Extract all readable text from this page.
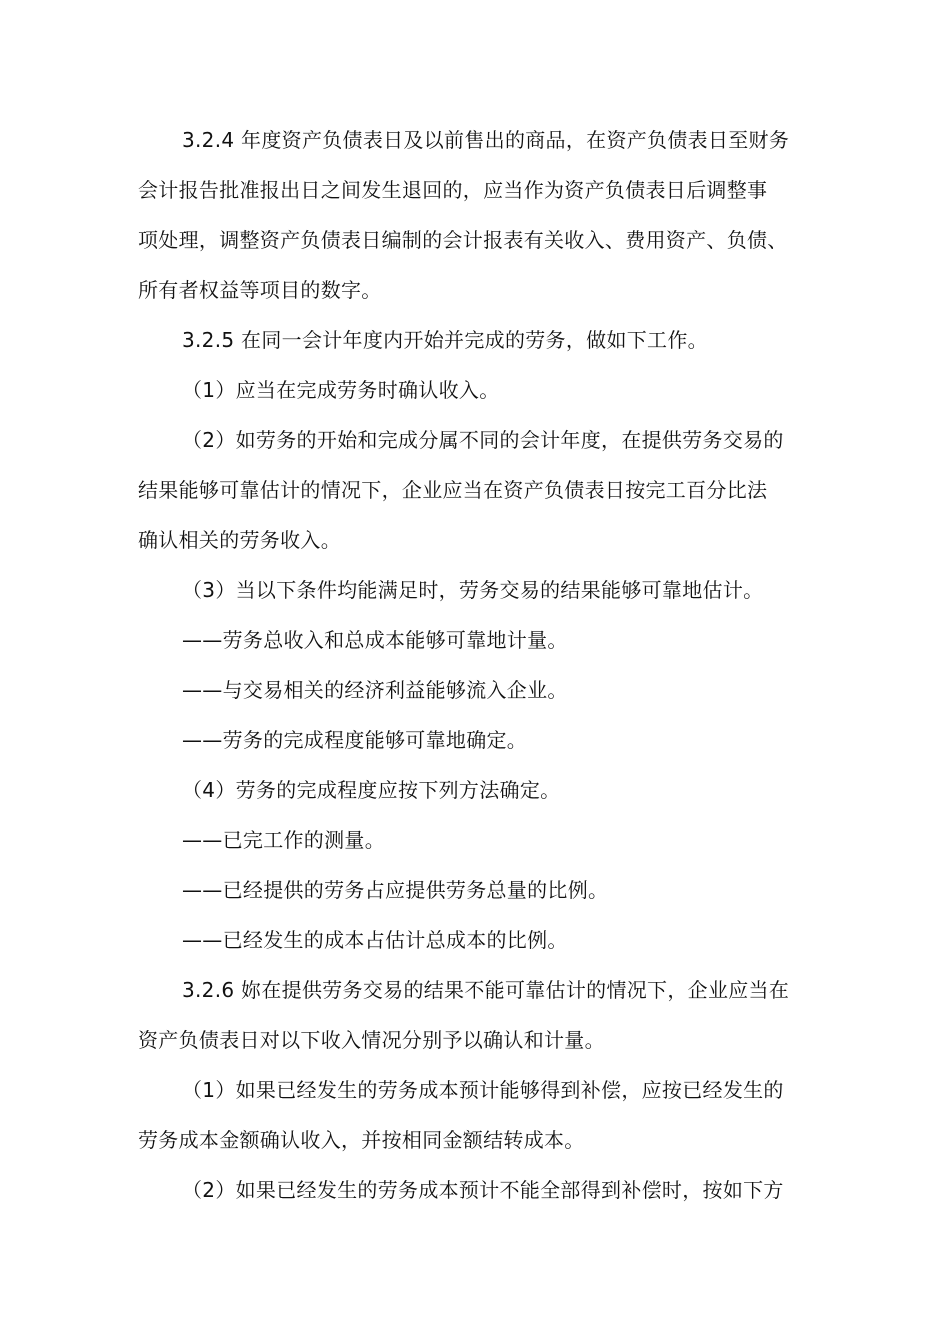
3.2.4 年度资产负债表日及以前售出的商品，在资产负债表日至财务
会计报告批准报出日之间发生退回的，应当作为资产负债表日后调整事
项处理，调整资产负债表日编制的会计报表有关收入、费用资产、负债、
所有者权益等项目的数字。
3.2.5 在同一会计年度内开始并完成的劳务，做如下工作。
（1）应当在完成劳务时确认收入。
（2）如劳务的开始和完成分属不同的会计年度，在提供劳务交易的
结果能够可靠估计的情况下，企业应当在资产负债表日按完工百分比法
确认相关的劳务收入。
（3）当以下条件均能满足时，劳务交易的结果能够可靠地估计。
——劳务总收入和总成本能够可靠地计量。
——与交易相关的经济利益能够流入企业。
——劳务的完成程度能够可靠地确定。
（4）劳务的完成程度应按下列方法确定。
——已完工作的测量。
——已经提供的劳务占应提供劳务总量的比例。
——已经发生的成本占估计总成本的比例。
3.2.6 妳在提供劳务交易的结果不能可靠估计的情况下，企业应当在
资产负债表日对以下收入情况分别予以确认和计量。
（1）如果已经发生的劳务成本预计能够得到补偿，应按已经发生的
劳务成本金额确认收入，并按相同金额结转成本。
（2）如果已经发生的劳务成本预计不能全部得到补偿时，按如下方
